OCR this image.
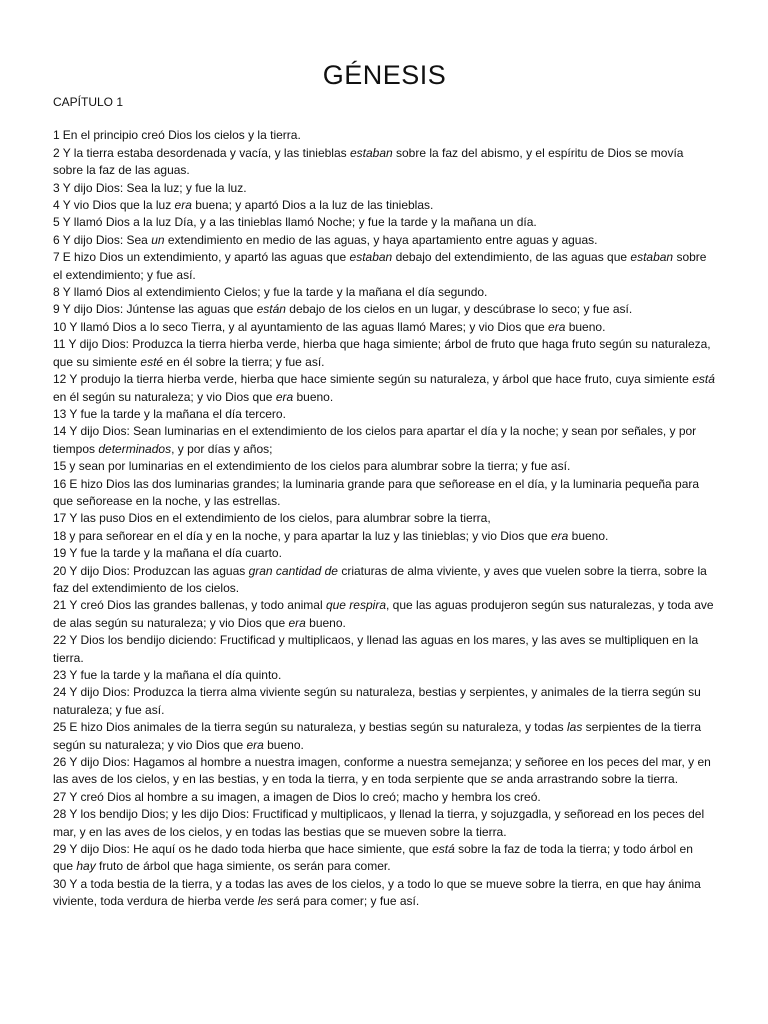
GÉNESIS
CAPÍTULO 1

1 En el principio creó Dios los cielos y la tierra.

2 Y la tierra estaba desordenada y vacía, y las tinieblas estaban sobre la faz del abismo, y el espíritu de Dios se movía sobre la faz de las aguas.

3 Y dijo Dios: Sea la luz; y fue la luz.

4 Y vio Dios que la luz era buena; y apartó Dios a la luz de las tinieblas.

5 Y llamó Dios a la luz Día, y a las tinieblas llamó Noche; y fue la tarde y la mañana un día.

6 Y dijo Dios: Sea un extendimiento en medio de las aguas, y haya apartamiento entre aguas y aguas.

7 E hizo Dios un extendimiento, y apartó las aguas que estaban debajo del extendimiento, de las aguas que estaban sobre el extendimiento; y fue así.

8 Y llamó Dios al extendimiento Cielos; y fue la tarde y la mañana el día segundo.

9 Y dijo Dios: Júntense las aguas que están debajo de los cielos en un lugar, y descúbrase lo seco; y fue así.

10 Y llamó Dios a lo seco Tierra, y al ayuntamiento de las aguas llamó Mares; y vio Dios que era bueno.

11 Y dijo Dios: Produzca la tierra hierba verde, hierba que haga simiente; árbol de fruto que haga fruto según su naturaleza, que su simiente esté en él sobre la tierra; y fue así.

12 Y produjo la tierra hierba verde, hierba que hace simiente según su naturaleza, y árbol que hace fruto, cuya simiente está en él según su naturaleza; y vio Dios que era bueno.

13 Y fue la tarde y la mañana el día tercero.

14 Y dijo Dios: Sean luminarias en el extendimiento de los cielos para apartar el día y la noche; y sean por señales, y por tiempos determinados, y por días y años;

15 y sean por luminarias en el extendimiento de los cielos para alumbrar sobre la tierra; y fue así.

16 E hizo Dios las dos luminarias grandes; la luminaria grande para que señorease en el día, y la luminaria pequeña para que señorease en la noche, y las estrellas.

17 Y las puso Dios en el extendimiento de los cielos, para alumbrar sobre la tierra,

18 y para señorear en el día y en la noche, y para apartar la luz y las tinieblas; y vio Dios que era bueno.

19 Y fue la tarde y la mañana el día cuarto.

20 Y dijo Dios: Produzcan las aguas gran cantidad de criaturas de alma viviente, y aves que vuelen sobre la tierra, sobre la faz del extendimiento de los cielos.

21 Y creó Dios las grandes ballenas, y todo animal que respira, que las aguas produjeron según sus naturalezas, y toda ave de alas según su naturaleza; y vio Dios que era bueno.

22 Y Dios los bendijo diciendo: Fructificad y multiplicaos, y llenad las aguas en los mares, y las aves se multipliquen en la tierra.

23 Y fue la tarde y la mañana el día quinto.

24 Y dijo Dios: Produzca la tierra alma viviente según su naturaleza, bestias y serpientes, y animales de la tierra según su naturaleza; y fue así.

25 E hizo Dios animales de la tierra según su naturaleza, y bestias según su naturaleza, y todas las serpientes de la tierra según su naturaleza; y vio Dios que era bueno.

26 Y dijo Dios: Hagamos al hombre a nuestra imagen, conforme a nuestra semejanza; y señoree en los peces del mar, y en las aves de los cielos, y en las bestias, y en toda la tierra, y en toda serpiente que se anda arrastrando sobre la tierra.

27 Y creó Dios al hombre a su imagen, a imagen de Dios lo creó; macho y hembra los creó.

28 Y los bendijo Dios; y les dijo Dios: Fructificad y multiplicaos, y llenad la tierra, y sojuzgadla, y señoread en los peces del mar, y en las aves de los cielos, y en todas las bestias que se mueven sobre la tierra.

29 Y dijo Dios: He aquí os he dado toda hierba que hace simiente, que está sobre la faz de toda la tierra; y todo árbol en que hay fruto de árbol que haga simiente, os serán para comer.

30 Y a toda bestia de la tierra, y a todas las aves de los cielos, y a todo lo que se mueve sobre la tierra, en que hay ánima viviente, toda verdura de hierba verde les será para comer; y fue así.
